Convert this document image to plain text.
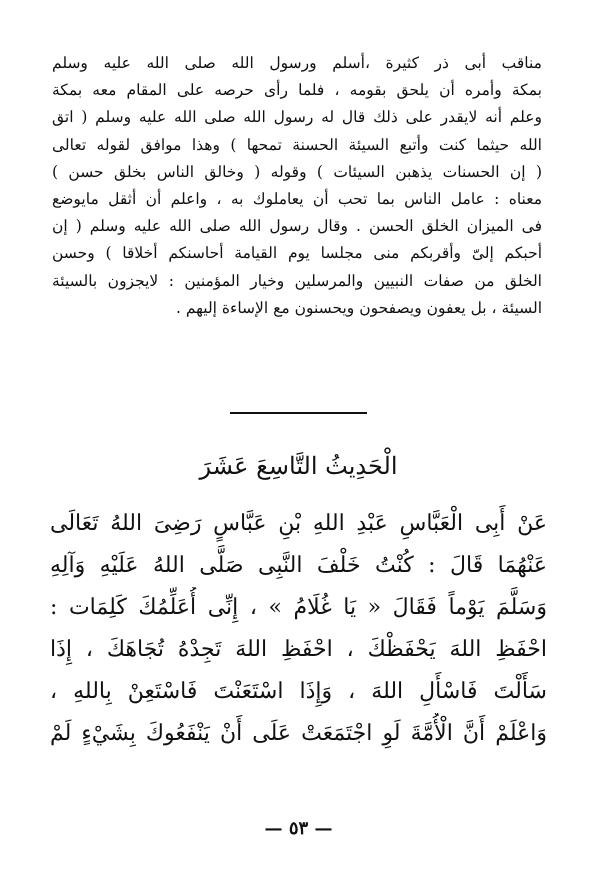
مناقب أبى ذر كثيرة ،أسلم ورسول الله صلى الله عليه وسلم
بمكة وأمره أن يلحق بقومه ، فلما رأى حرصه على المقام معه بمكة
وعلم أنه لايقدر على ذلك قال له رسول الله صلى الله عليه وسلم ( اتق
الله حيثما كنت وأتبع السيئة الحسنة تمحها ) وهذا موافق لقوله تعالى
( إن الحسنات يذهبن السيئات ) وقوله ( وخالق الناس بخلق حسن )
معناه : عامل الناس بما تحب أن يعاملوك به ، واعلم أن أثقل مايوضع
فى الميزان الخلق الحسن . وقال رسول الله صلى الله عليه وسلم ( إن
أحبكم إلىّ وأقربكم منى مجلسا يوم القيامة أحاسنكم أخلاقا ) وحسن
الخلق من صفات النبيين والمرسلين وخيار المؤمنين : لايجزون بالسيئة
السيئة ، بل يعفون ويصفحون ويحسنون مع الإساءة إليهم .
الْحَدِيثُ التَّاسِعَ عَشَرَ
عَنْ أَبِى الْعَبَّاسِ عَبْدِ اللهِ بْنِ عَبَّاسٍ رَضِىَ اللهُ تَعَالَى
عَنْهُمَا قَالَ : كُنْتُ خَلْفَ النَّبِى صَلَّى اللهُ عَلَيْهِ وَآلِهِ
وَسَلَّمَ يَوْماً فَقَالَ « يَا غُلَامُ » ، إِنِّى أُعَلِّمُكَ كَلِمَات :
احْفَظِ اللهَ يَحْفَظْكَ ، احْفَظِ اللهَ تَجِدْهُ تُجَاهَكَ ، إِذَا
سَأَلْتَ فَاسْأَلِ اللهَ ، وَإِذَا اسْتَعَنْتَ فَاسْتَعِنْ بِاللهِ ،
وَاعْلَمْ أَنَّ الْأُمَّةَ لَوِ اجْتَمَعَتْ عَلَى أَنْ يَنْفَعُوكَ بِشَيْءٍ لَمْ
— ٥٣ —
